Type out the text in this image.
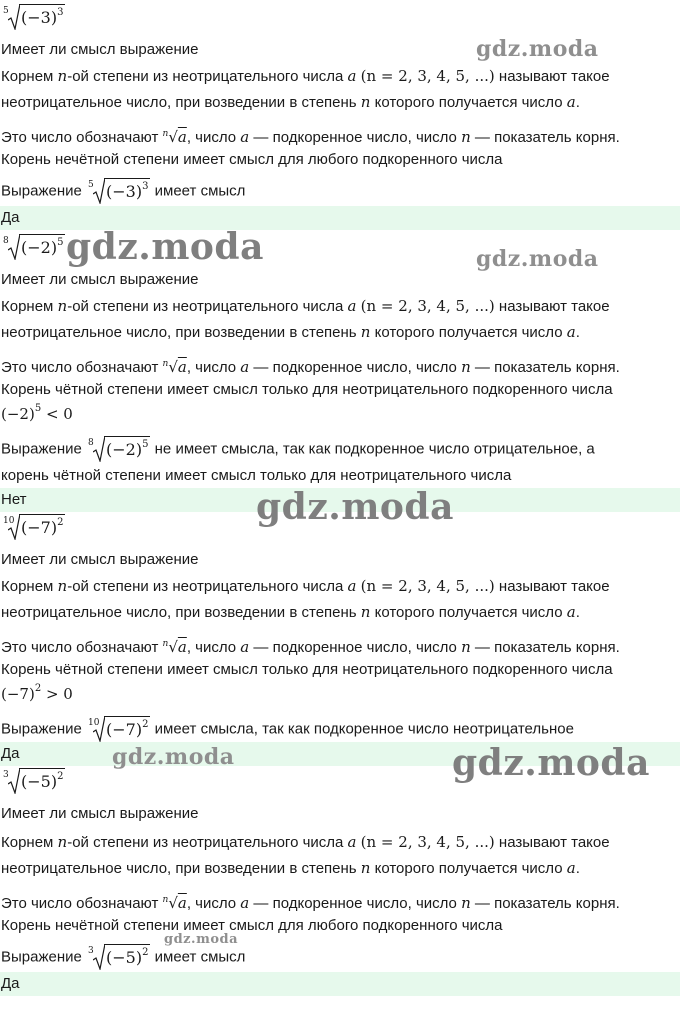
5 $(-3)^3$
Имеет ли смысл выражение
Корнем n-ой степени из неотрицательного числа a (n = 2, 3, 4, 5, ...) называют такое
неотрицательное число, при возведении в степень n которого получается число a.
Это число обозначают $^n$√a, число a — подкоренное число, число n — показатель корня.
Корень нечётной степени имеет смысл для любого подкоренного числа
Выражение 5 $(-3)^3$ имеет смысл
Да
8 $(-2)^5$
Имеет ли смысл выражение
Корнем n-ой степени из неотрицательного числа a (n = 2, 3, 4, 5, ...) называют такое
неотрицательное число, при возведении в степень n которого получается число a.
Это число обозначают $^n$√a, число a — подкоренное число, число n — показатель корня.
Корень чётной степени имеет смысл только для неотрицательного подкоренного числа
$(-2)^5 < 0$
Выражение 8 $(-2)^5$ не имеет смысла, так как подкоренное число отрицательное, а
корень чётной степени имеет смысл только для неотрицательного числа
Нет
10 $(-7)^2$
Имеет ли смысл выражение
Корнем n-ой степени из неотрицательного числа a (n = 2, 3, 4, 5, ...) называют такое
неотрицательное число, при возведении в степень n которого получается число a.
Это число обозначают $^n$√a, число a — подкоренное число, число n — показатель корня.
Корень чётной степени имеет смысл только для неотрицательного подкоренного числа
$(-7)^2 > 0$
Выражение 10 $(-7)^2$ имеет смысла, так как подкоренное число неотрицательное
Да
3 $(-5)^2$
Имеет ли смысл выражение
Корнем n-ой степени из неотрицательного числа a (n = 2, 3, 4, 5, ...) называют такое
неотрицательное число, при возведении в степень n которого получается число a.
Это число обозначают $^n$√a, число a — подкоренное число, число n — показатель корня.
Корень нечётной степени имеет смысл для любого подкоренного числа
Выражение 3 $(-5)^2$ имеет смысл
Да
gdz.moda
gdz.moda	gdz.moda
gdz.moda
gdz.moda	gdz.moda
gdz.moda
